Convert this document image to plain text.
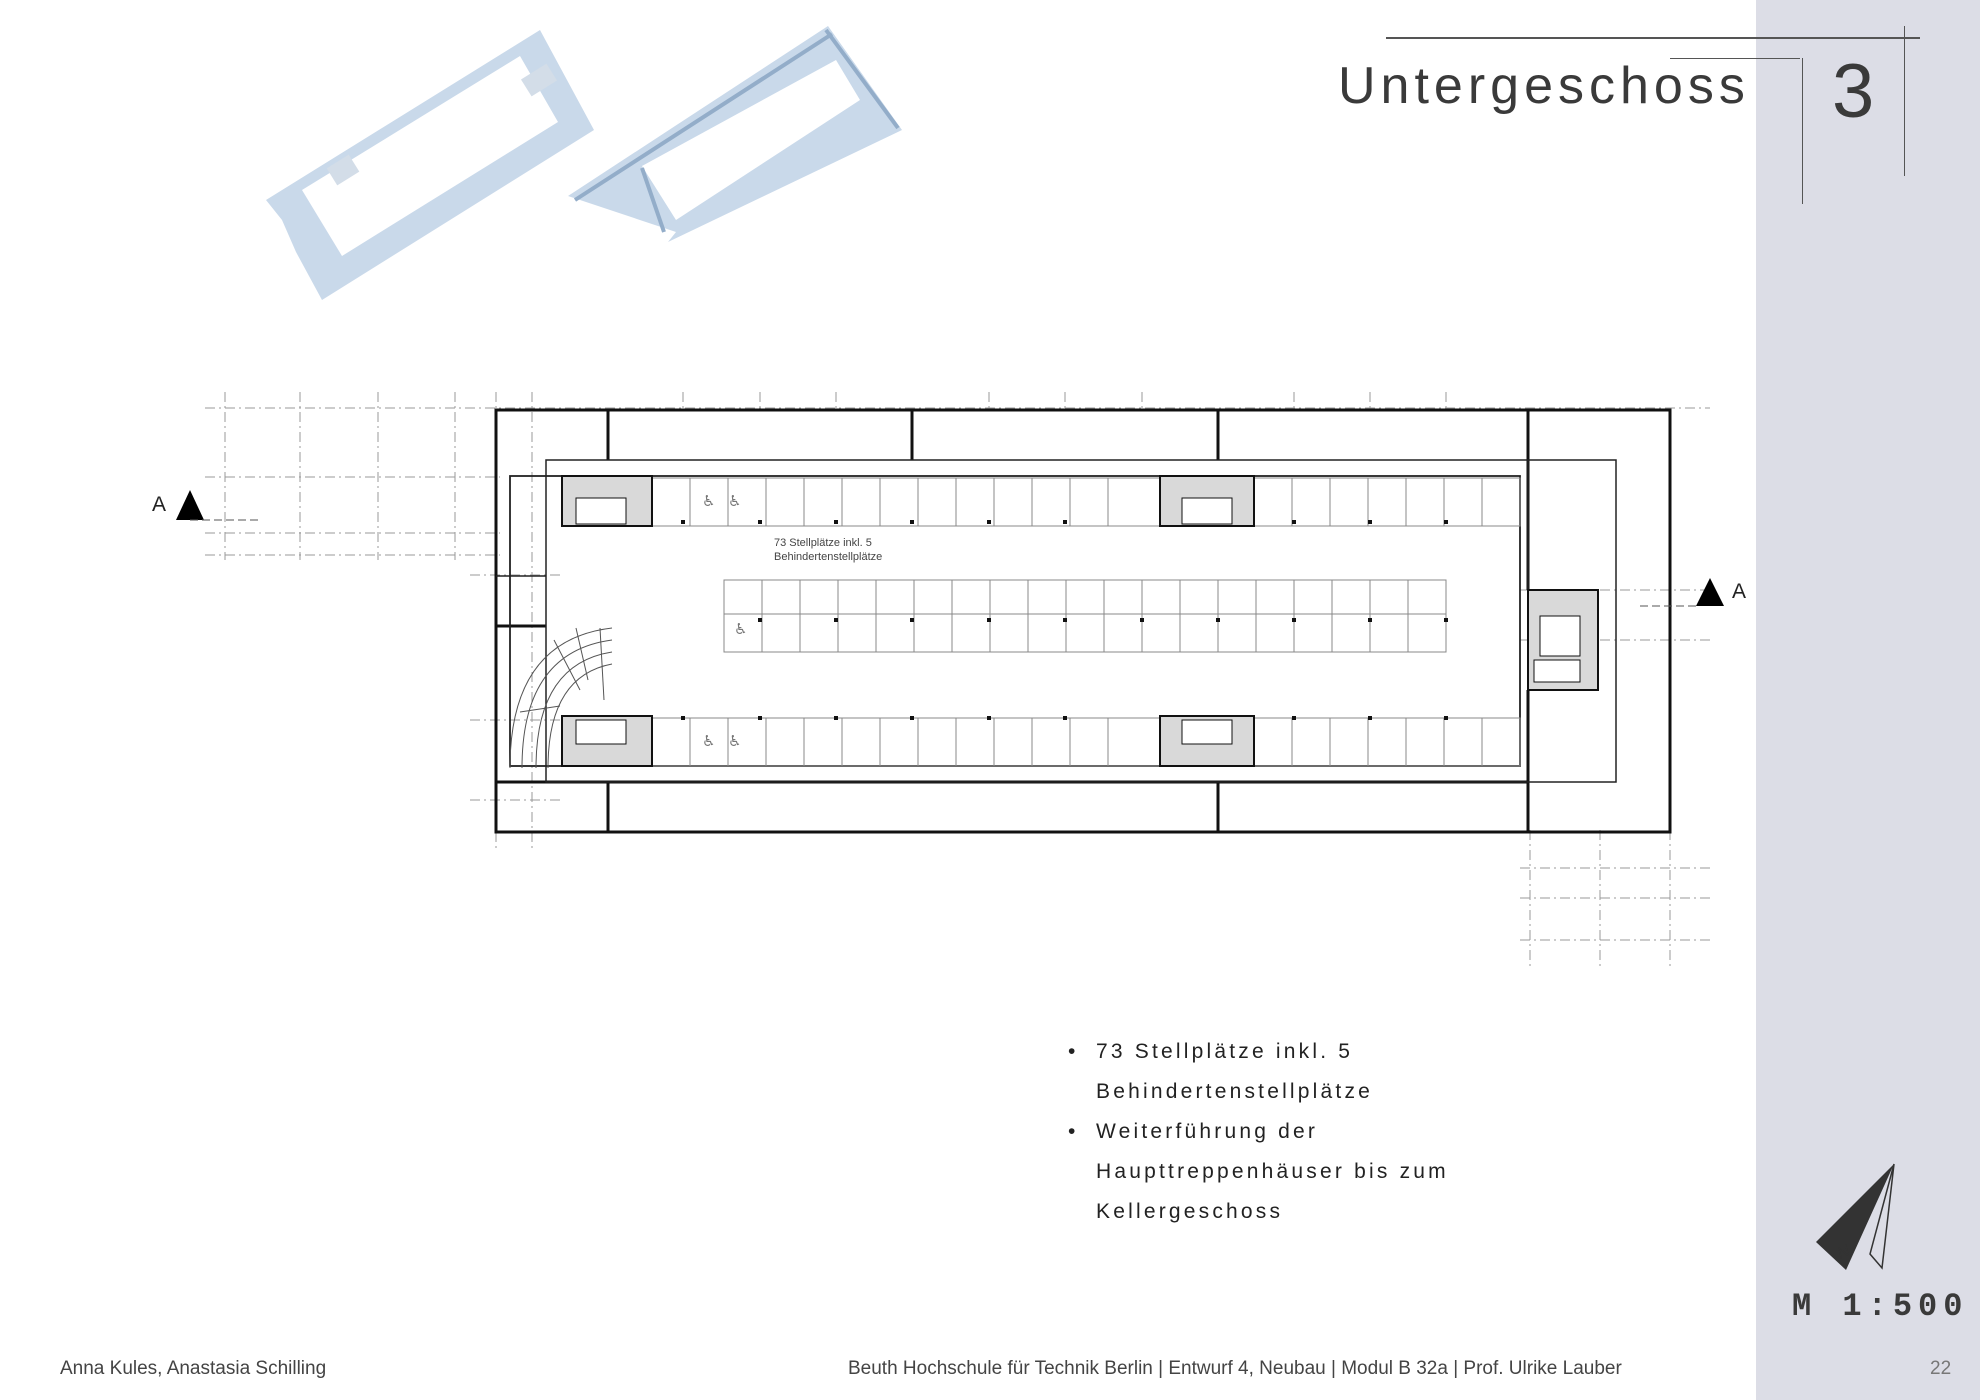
Untergeschoss 3
♿ ♿
♿
♿ ♿
A
A
73 Stellplätze inkl. 5
Behindertenstellplätze
N
• 73 Stellplätze inkl. 5
Behindertenstellplätze
• Weiterführung der
Haupttreppenhäuser bis zum
Kellergeschoss
M 1:500
Anna Kules, Anastasia Schilling	Beuth Hochschule für Technik Berlin | Entwurf 4, Neubau | Modul B 32a | Prof. Ulrike Lauber	22
